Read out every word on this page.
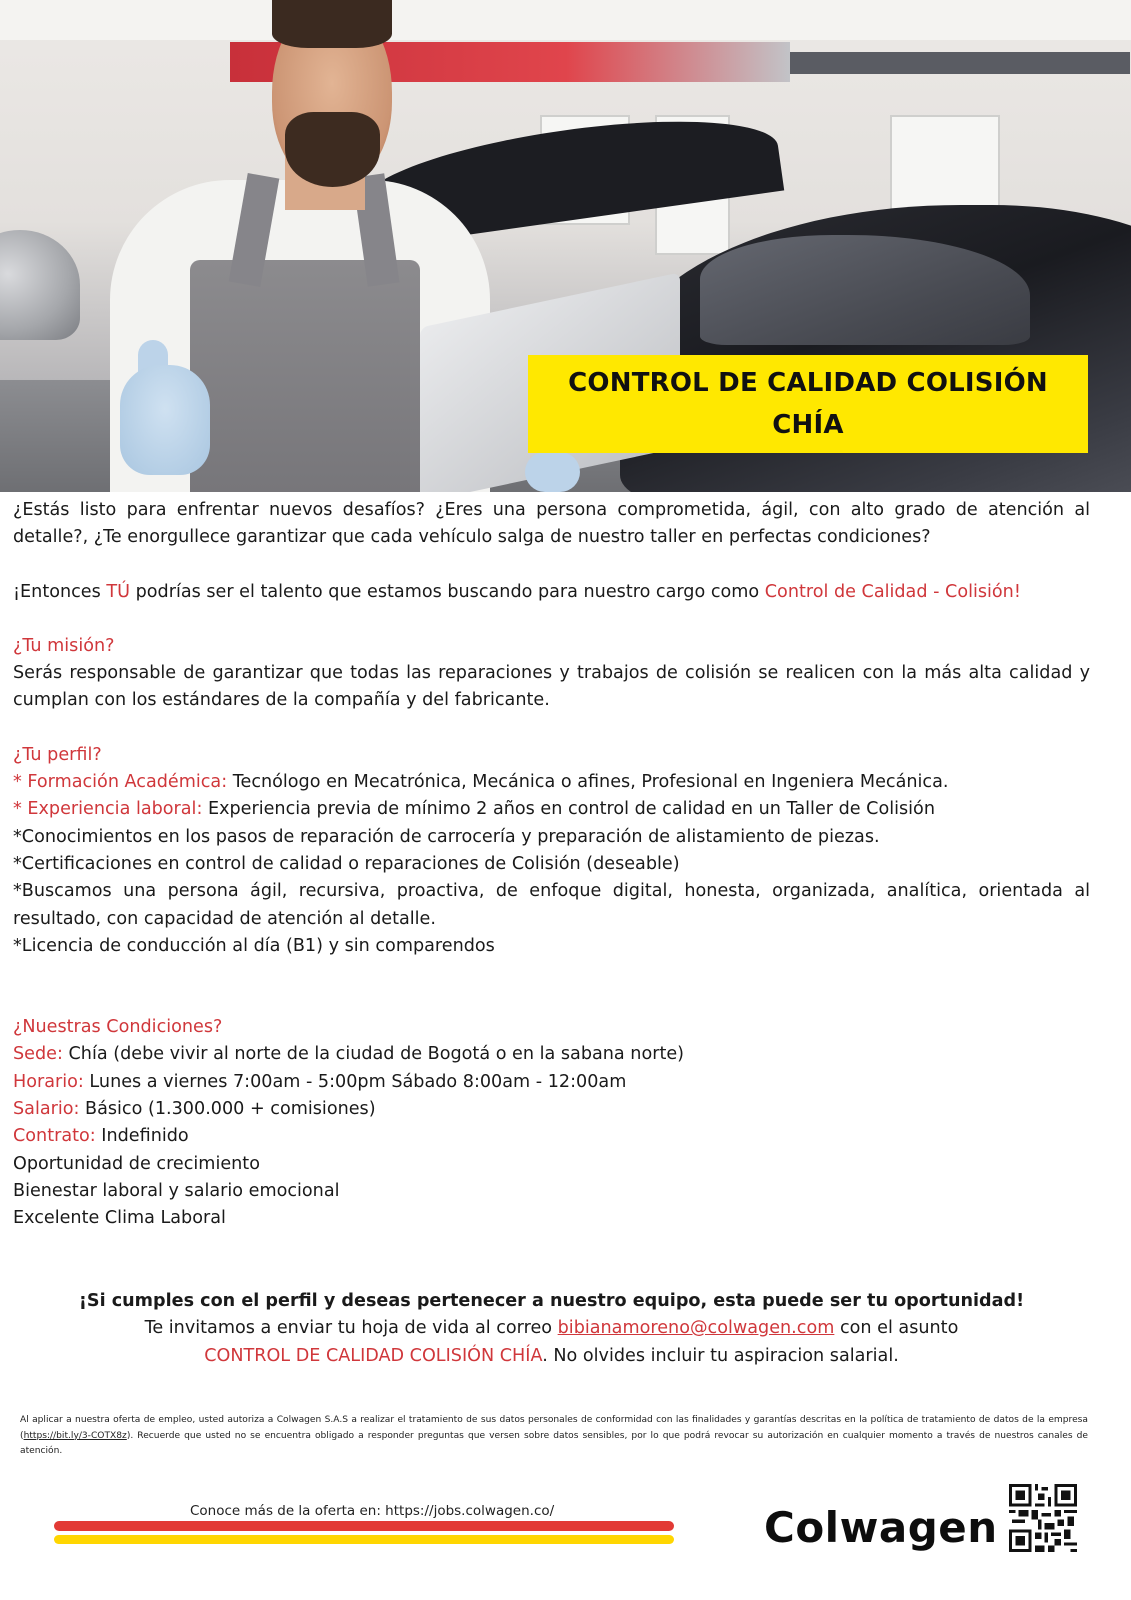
CONTROL DE CALIDAD COLISIÓN
CHÍA

¿Estás listo para enfrentar nuevos desafíos? ¿Eres una persona comprometida, ágil, con alto grado de atención al detalle?, ¿Te enorgullece garantizar que cada vehículo salga de nuestro taller en perfectas condiciones?

¡Entonces TÚ podrías ser el talento que estamos buscando para nuestro cargo como Control de Calidad - Colisión!

¿Tu misión?

Serás responsable de garantizar que todas las reparaciones y trabajos de colisión se realicen con la más alta calidad y cumplan con los estándares de la compañía y del fabricante.

¿Tu perfil?

* Formación Académica: Tecnólogo en Mecatrónica, Mecánica o afines, Profesional en Ingeniera Mecánica.

* Experiencia laboral: Experiencia previa de mínimo 2 años en control de calidad en un Taller de Colisión

*Conocimientos en los pasos de reparación de carrocería y preparación de alistamiento de piezas.

*Certificaciones en control de calidad o reparaciones de Colisión (deseable)

*Buscamos una persona ágil, recursiva, proactiva, de enfoque digital, honesta, organizada, analítica, orientada al resultado, con capacidad de atención al detalle.

*Licencia de conducción al día (B1) y sin comparendos

¿Nuestras Condiciones?

Sede: Chía (debe vivir al norte de la ciudad de Bogotá o en la sabana norte)

Horario: Lunes a viernes 7:00am - 5:00pm Sábado 8:00am - 12:00am

Salario: Básico (1.300.000 + comisiones)

Contrato: Indefinido

Oportunidad de crecimiento

Bienestar laboral y salario emocional

Excelente Clima Laboral

¡Si cumples con el perfil y deseas pertenecer a nuestro equipo, esta puede ser tu oportunidad!

Te invitamos a enviar tu hoja de vida al correo bibianamoreno@colwagen.com con el asunto

CONTROL DE CALIDAD COLISIÓN CHÍA. No olvides incluir tu aspiracion salarial.

Al aplicar a nuestra oferta de empleo, usted autoriza a Colwagen S.A.S a realizar el tratamiento de sus datos personales de conformidad con las finalidades y garantías descritas en la política de tratamiento de datos de la empresa (https://bit.ly/3-COTX8z). Recuerde que usted no se encuentra obligado a responder preguntas que versen sobre datos sensibles, por lo que podrá revocar su autorización en cualquier momento a través de nuestros canales de atención.

Conoce más de la oferta en: https://jobs.colwagen.co/	Colwagen
